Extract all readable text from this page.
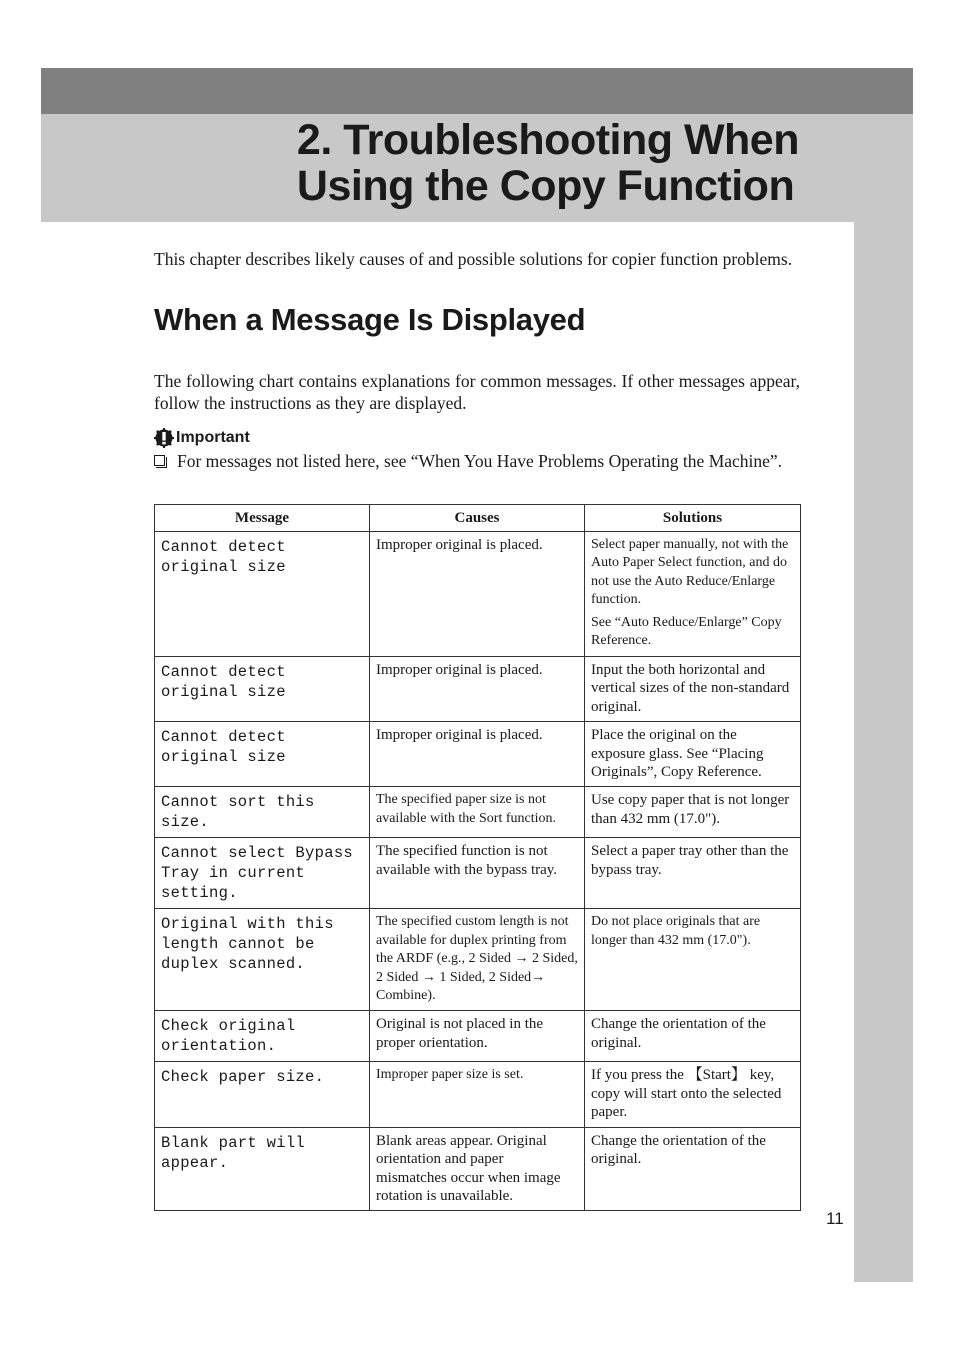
2. Troubleshooting When
Using the Copy Function

This chapter describes likely causes of and possible solutions for copier function problems.

When a Message Is Displayed

The following chart contains explanations for common messages. If other messages appear, follow the instructions as they are displayed.

Important
For messages not listed here, see “When You Have Problems Operating the Machine”.
Message	Causes	Solutions
Cannot detect original size	Improper original is placed.	Select paper manually, not with the Auto Paper Select function, and do not use the Auto Reduce/Enlarge function.
See “Auto Reduce/Enlarge” Copy Reference.

Cannot detect original size	Improper original is placed.	Input the both horizontal and vertical sizes of the non-standard original.
Cannot detect original size	Improper original is placed.	Place the original on the exposure glass. See “Placing Originals”, Copy Reference.
Cannot sort this size.	The specified paper size is not available with the Sort function.	Use copy paper that is not longer than 432 mm (17.0").
Cannot select Bypass Tray in current setting.	The specified function is not available with the bypass tray.	Select a paper tray other than the bypass tray.
Original with this length cannot be duplex scanned.	The specified custom length is not available for duplex printing from the ARDF (e.g., 2 Sided → 2 Sided, 2 Sided → 1 Sided, 2 Sided→ Combine).	Do not place originals that are longer than 432 mm (17.0").
Check original orientation.	Original is not placed in the proper orientation.	Change the orientation of the original.
Check paper size.	Improper paper size is set.	If you press the 【Start】 key, copy will start onto the selected paper.
Blank part will appear.	Blank areas appear. Original orientation and paper mismatches occur when image rotation is unavailable.	Change the orientation of the original.
11
